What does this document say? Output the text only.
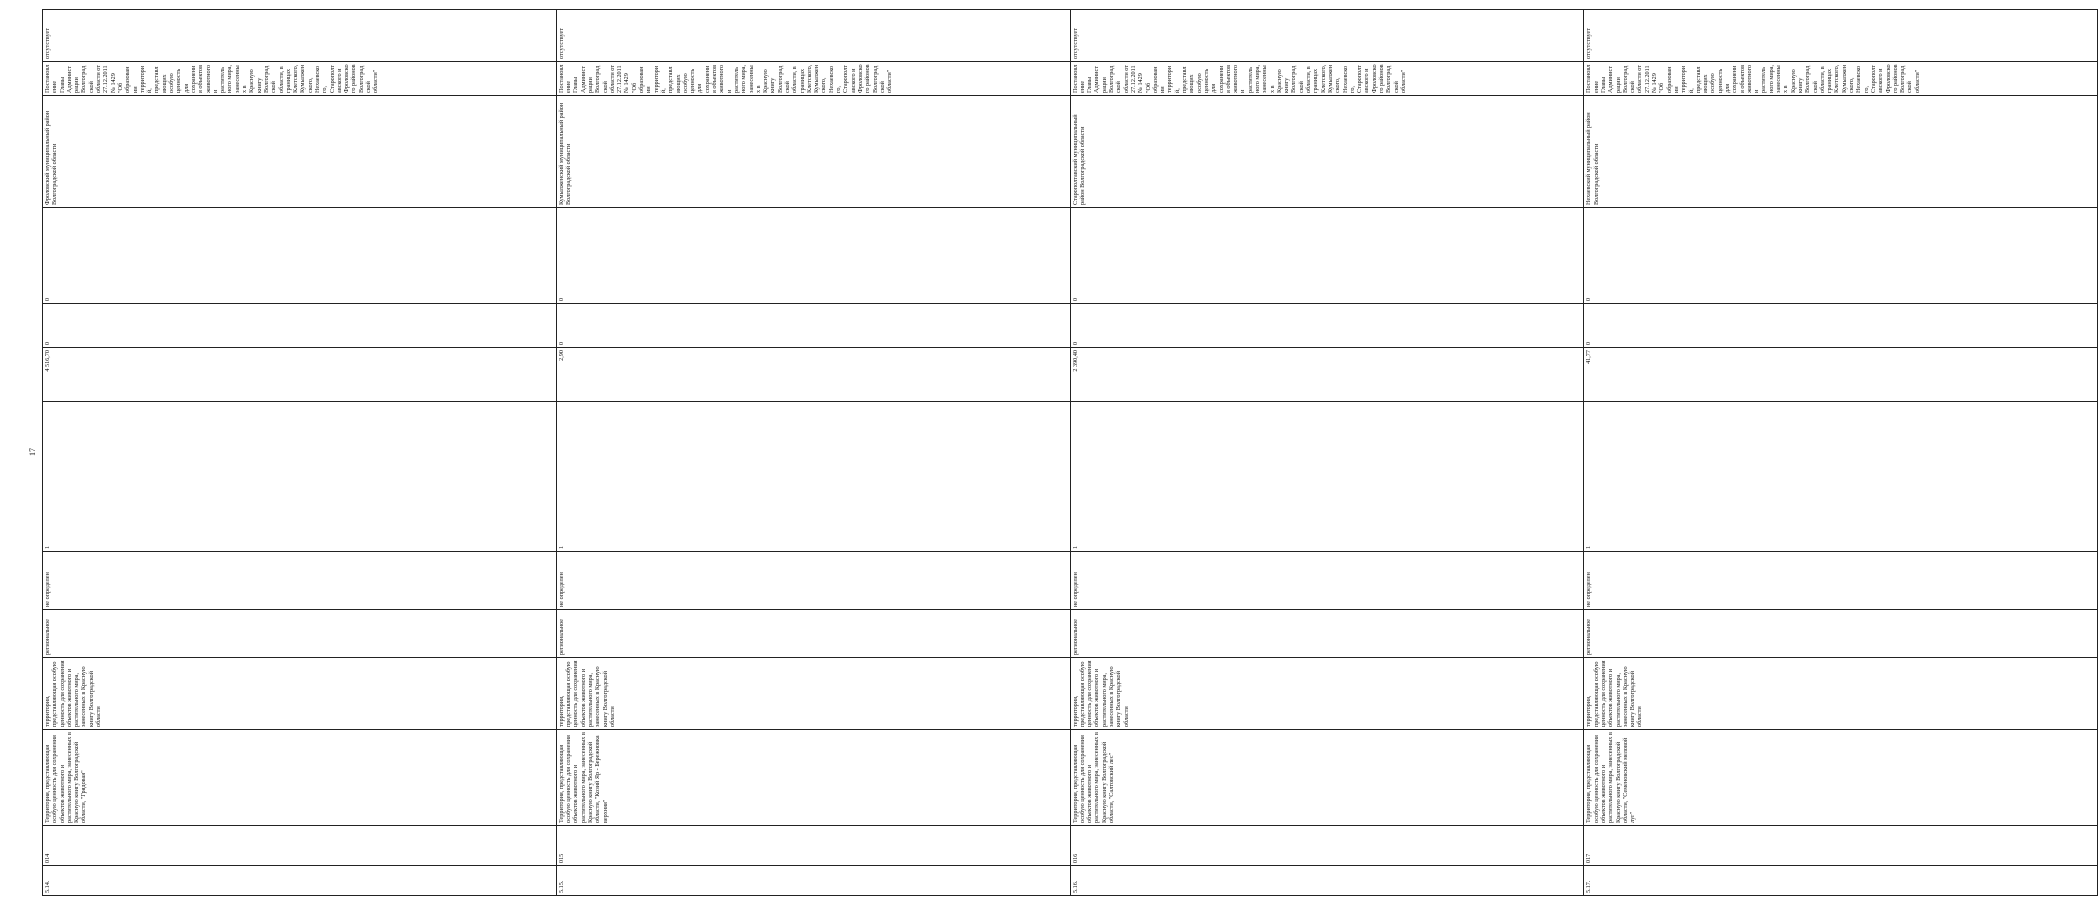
17
5.14.	014	Территория, представляющая особую ценность для сохранения объектов животного и растительного мира, занесенных в Красную книгу Волгоградской области, "Грядовая"	территория, представляющая особую ценность для сохранения объектов животного и растительного мира, занесенных в Красную книгу Волгоградской области	региональное	не определен	1	4 516,70	0	0	Фроловский муниципальный район Волгоградской области	Постановление Главы Администрации Волгоградской области от 27.12.2011 № 1429 "Об образовании территорий, представляющих особую ценность для сохранения объектов животного и растительного мира, занесенных в Красную книгу Волгоградской области, в границах Клетского, Кумылженского, Нехаевского, Старополтавского и Фроловского районов Волгоградской области"	отсутствует	
5.15.	015	Территория, представляющая особую ценность для сохранения объектов животного и растительного мира, занесенных в Красную книгу Волгоградской области, "Козий Яр - Бережновка верхняя"	территория, представляющая особую ценность для сохранения объектов животного и растительного мира, занесенных в Красную книгу Волгоградской области	региональное	не определен	1	2,90	0	0	Кумылженский муниципальный район Волгоградской области	Постановление Главы Администрации Волгоградской области от 27.12.2011 № 1429 "Об образовании территорий, представляющих особую ценность для сохранения объектов животного и растительного мира, занесенных в Красную книгу Волгоградской области, в границах Клетского, Кумылженского, Нехаевского, Старополтавского и Фроловского районов Волгоградской области"	отсутствует	
5.16.	016	Территория, представляющая особую ценность для сохранения объектов животного и растительного мира, занесенных в Красную книгу Волгоградской области, "Салтовский лес"	территория, представляющая особую ценность для сохранения объектов животного и растительного мира, занесенных в Красную книгу Волгоградской области	региональное	не определен	1	2 390,40	0	0	Старополтавский муниципальный район Волгоградской области	Постановление Главы Администрации Волгоградской области от 27.12.2011 № 1429 "Об образовании территорий, представляющих особую ценность для сохранения объектов животного и растительного мира, занесенных в Красную книгу Волгоградской области, в границах Клетского, Кумылженского, Нехаевского, Старополтавского и Фроловского районов Волгоградской области"	отсутствует	
5.17.	017	Территория, представляющая особую ценность для сохранения объектов животного и растительного мира, занесенных в Красную книгу Волгоградской области, "Семеновский меловой луг"	территория, представляющая особую ценность для сохранения объектов животного и растительного мира, занесенных в Красную книгу Волгоградской области	региональное	не определен	1	41,77	0	0	Нехаевский муниципальный район Волгоградской области	Постановление Главы Администрации Волгоградской области от 27.12.2011 № 1429 "Об образовании территорий, представляющих особую ценность для сохранения объектов животного и растительного мира, занесенных в Красную книгу Волгоградской области, в границах Клетского, Кумылженского, Нехаевского, Старополтавского и Фроловского районов Волгоградской области"	отсутствует	
